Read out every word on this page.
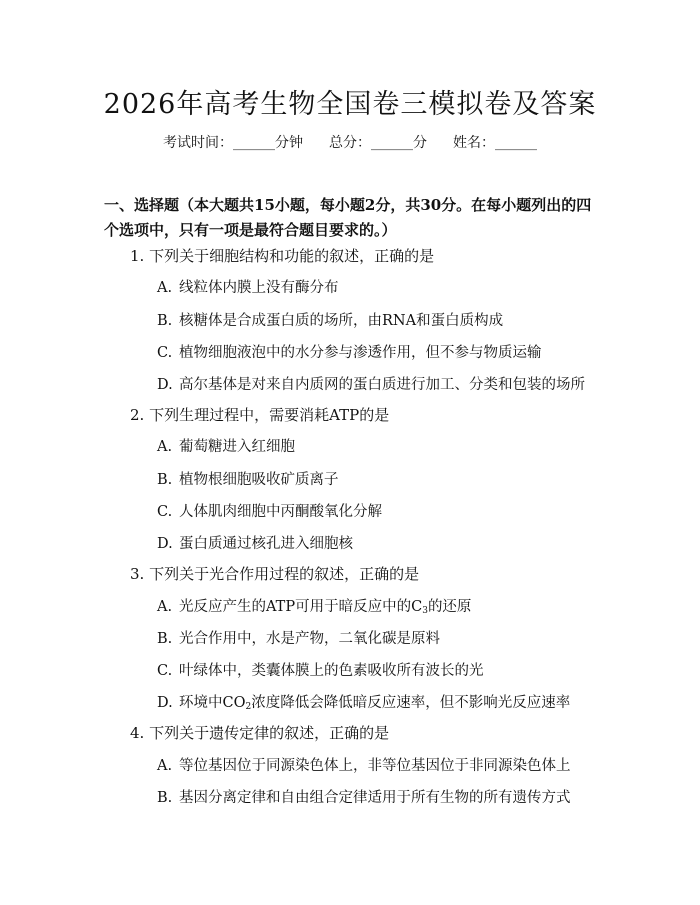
2026年高考生物全国卷三模拟卷及答案
考试时间：______分钟 总分：______分 姓名：______
一、选择题（本大题共15小题，每小题2分，共30分。在每小题列出的四个选项中，只有一项是最符合题目要求的。）
1. 下列关于细胞结构和功能的叙述，正确的是
A. 线粒体内膜上没有酶分布
B. 核糖体是合成蛋白质的场所，由RNA和蛋白质构成
C. 植物细胞液泡中的水分参与渗透作用，但不参与物质运输
D. 高尔基体是对来自内质网的蛋白质进行加工、分类和包装的场所
2. 下列生理过程中，需要消耗ATP的是
A. 葡萄糖进入红细胞
B. 植物根细胞吸收矿质离子
C. 人体肌肉细胞中丙酮酸氧化分解
D. 蛋白质通过核孔进入细胞核
3. 下列关于光合作用过程的叙述，正确的是
A. 光反应产生的ATP可用于暗反应中的$C_3$的还原
B. 光合作用中，水是产物，二氧化碳是原料
C. 叶绿体中，类囊体膜上的色素吸收所有波长的光
D. 环境中$CO_2$浓度降低会降低暗反应速率，但不影响光反应速率
4. 下列关于遗传定律的叙述，正确的是
A. 等位基因位于同源染色体上，非等位基因位于非同源染色体上
B. 基因分离定律和自由组合定律适用于所有生物的所有遗传方式
